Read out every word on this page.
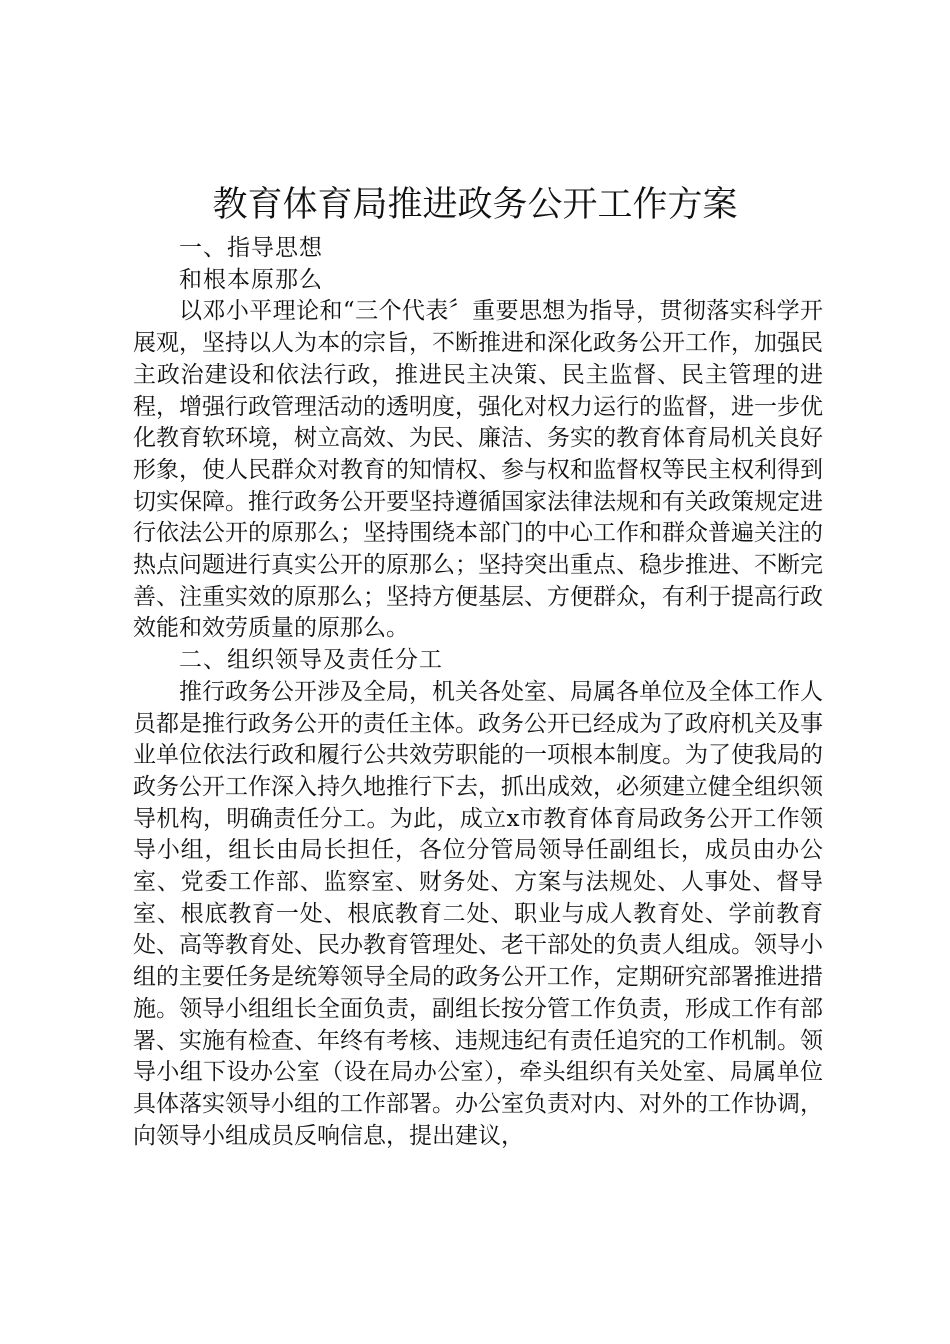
教育体育局推进政务公开工作方案

一、指导思想

和根本原那么

以邓小平理论和“三个代表〞重要思想为指导，贯彻落实科学开展观，坚持以人为本的宗旨，不断推进和深化政务公开工作，加强民主政治建设和依法行政，推进民主决策、民主监督、民主管理的进程，增强行政管理活动的透明度，强化对权力运行的监督，进一步优化教育软环境，树立高效、为民、廉洁、务实的教育体育局机关良好形象，使人民群众对教育的知情权、参与权和监督权等民主权利得到切实保障。推行政务公开要坚持遵循国家法律法规和有关政策规定进行依法公开的原那么；坚持围绕本部门的中心工作和群众普遍关注的热点问题进行真实公开的原那么；坚持突出重点、稳步推进、不断完善、注重实效的原那么；坚持方便基层、方便群众，有利于提高行政效能和效劳质量的原那么。

二、组织领导及责任分工

推行政务公开涉及全局，机关各处室、局属各单位及全体工作人员都是推行政务公开的责任主体。政务公开已经成为了政府机关及事业单位依法行政和履行公共效劳职能的一项根本制度。为了使我局的政务公开工作深入持久地推行下去，抓出成效，必须建立健全组织领导机构，明确责任分工。为此，成立x市教育体育局政务公开工作领导小组，组长由局长担任，各位分管局领导任副组长，成员由办公室、党委工作部、监察室、财务处、方案与法规处、人事处、督导室、根底教育一处、根底教育二处、职业与成人教育处、学前教育处、高等教育处、民办教育管理处、老干部处的负责人组成。领导小组的主要任务是统筹领导全局的政务公开工作，定期研究部署推进措施。领导小组组长全面负责，副组长按分管工作负责，形成工作有部署、实施有检查、年终有考核、违规违纪有责任追究的工作机制。领导小组下设办公室（设在局办公室），牵头组织有关处室、局属单位具体落实领导小组的工作部署。办公室负责对内、对外的工作协调，向领导小组成员反响信息，提出建议，
